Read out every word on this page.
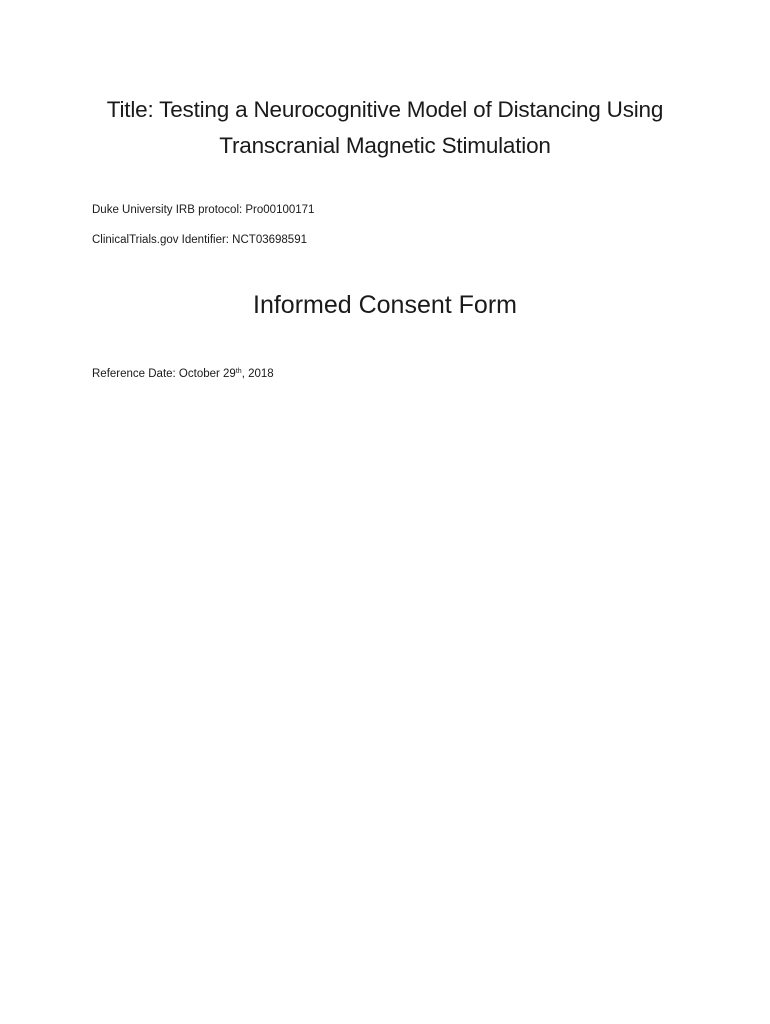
Title: Testing a Neurocognitive Model of Distancing Using
Transcranial Magnetic Stimulation

Duke University IRB protocol: Pro00100171

ClinicalTrials.gov Identifier: NCT03698591

Informed Consent Form

Reference Date: October 29th, 2018
